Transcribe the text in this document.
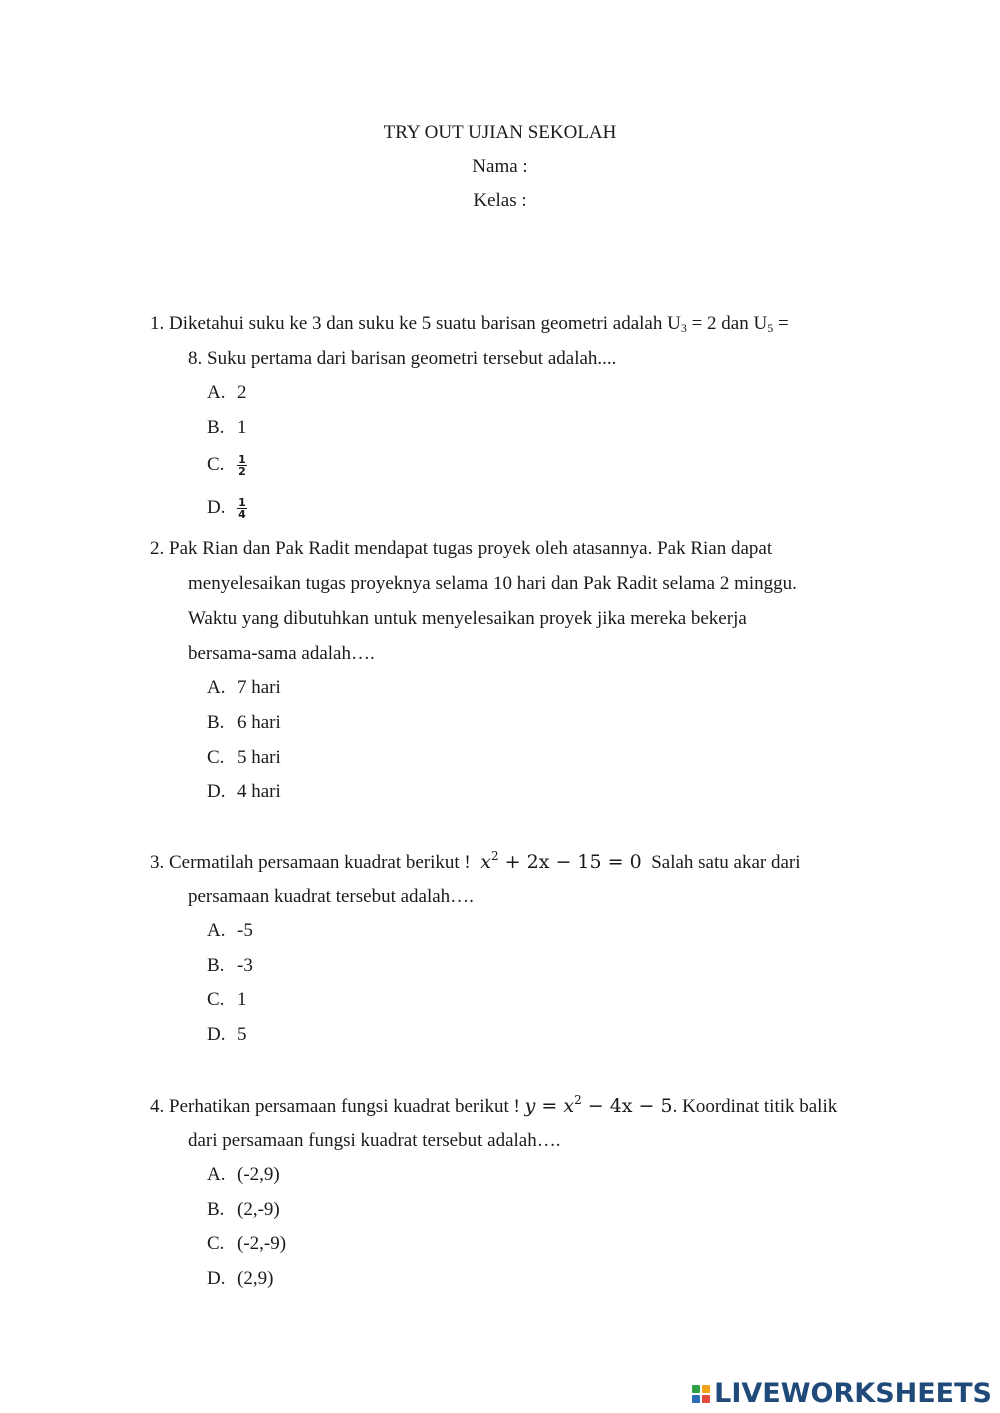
TRY OUT UJIAN SEKOLAH
Nama :
Kelas :
1. Diketahui suku ke 3 dan suku ke 5 suatu barisan geometri adalah $U_3 = 2$ dan $U_5$ =
8. Suku pertama dari barisan geometri tersebut adalah....
A. 2
B. 1
C. $\frac{1}{2}$
D. $\frac{1}{4}$
2. Pak Rian dan Pak Radit mendapat tugas proyek oleh atasannya. Pak Rian dapat
menyelesaikan tugas proyeknya selama 10 hari dan Pak Radit selama 2 minggu.
Waktu yang dibutuhkan untuk menyelesaikan proyek jika mereka bekerja
bersama-sama adalah….
A. 7 hari
B. 6 hari
C. 5 hari
D. 4 hari
3. Cermatilah persamaan kuadrat berikut ! $x^2 + 2x - 15 = 0$ Salah satu akar dari
persamaan kuadrat tersebut adalah….
A. -5
B. -3
C. 1
D. 5
4. Perhatikan persamaan fungsi kuadrat berikut ! $y = x^2 - 4x - 5$. Koordinat titik balik
dari persamaan fungsi kuadrat tersebut adalah….
A. (-2,9)
B. (2,-9)
C. (-2,-9)
D. (2,9)
LIVEWORKSHEETS
